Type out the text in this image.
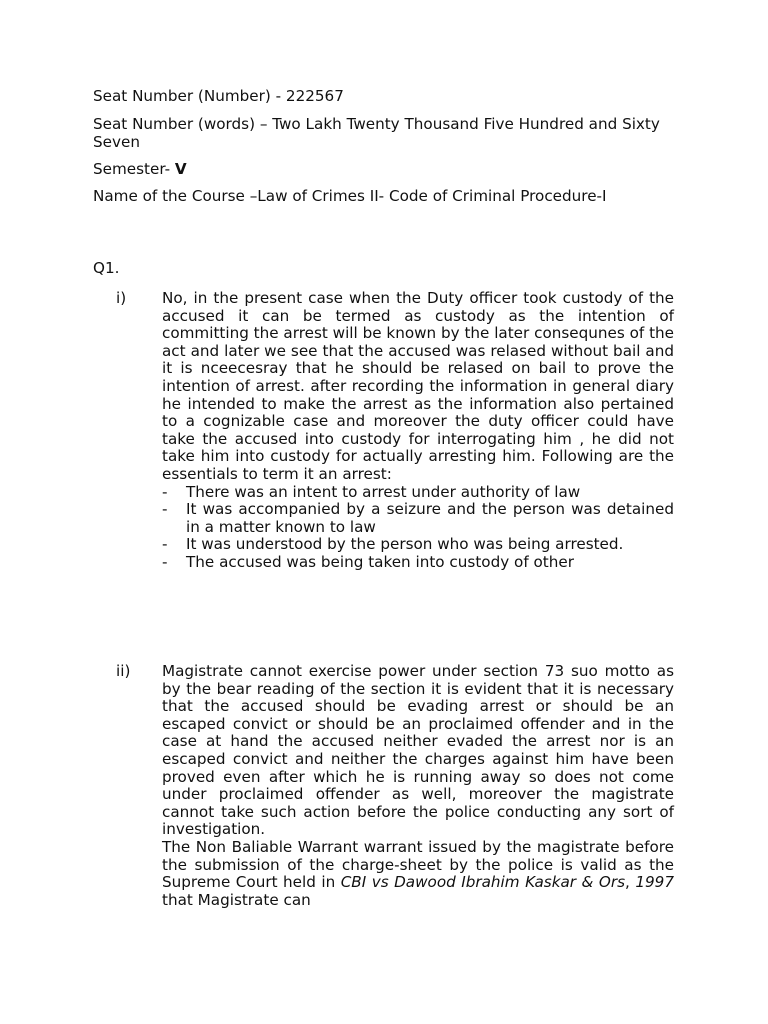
Seat Number (Number) - 222567

Seat Number (words) – Two Lakh Twenty Thousand Five Hundred and Sixty Seven

Semester- V

Name of the Course –Law of Crimes II- Code of Criminal Procedure-I

Q1.

i) No, in the present case when the Duty officer took custody of the accused it can be termed as custody as the intention of committing the arrest will be known by the later consequnes of the act and later we see that the accused was relased without bail and it is nceecesray that he should be relased on bail to prove the intention of arrest. after recording the information in general diary he intended to make the arrest as the information also pertained to a cognizable case and moreover the duty officer could have take the accused into custody for interrogating him , he did not take him into custody for actually arresting him. Following are the essentials to term it an arrest:

- There was an intent to arrest under authority of law
- It was accompanied by a seizure and the person was detained in a matter known to law
- It was understood by the person who was being arrested.
- The accused was being taken into custody of other
ii) Magistrate cannot exercise power under section 73 suo motto as by the bear reading of the section it is evident that it is necessary that the accused should be evading arrest or should be an escaped convict or should be an proclaimed offender and in the case at hand the accused neither evaded the arrest nor is an escaped convict and neither the charges against him have been proved even after which he is running away so does not come under proclaimed offender as well, moreover the magistrate cannot take such action before the police conducting any sort of investigation.

The Non Baliable Warrant warrant issued by the magistrate before the submission of the charge-sheet by the police is valid as the Supreme Court held in CBI vs Dawood Ibrahim Kaskar & Ors, 1997 that Magistrate can
